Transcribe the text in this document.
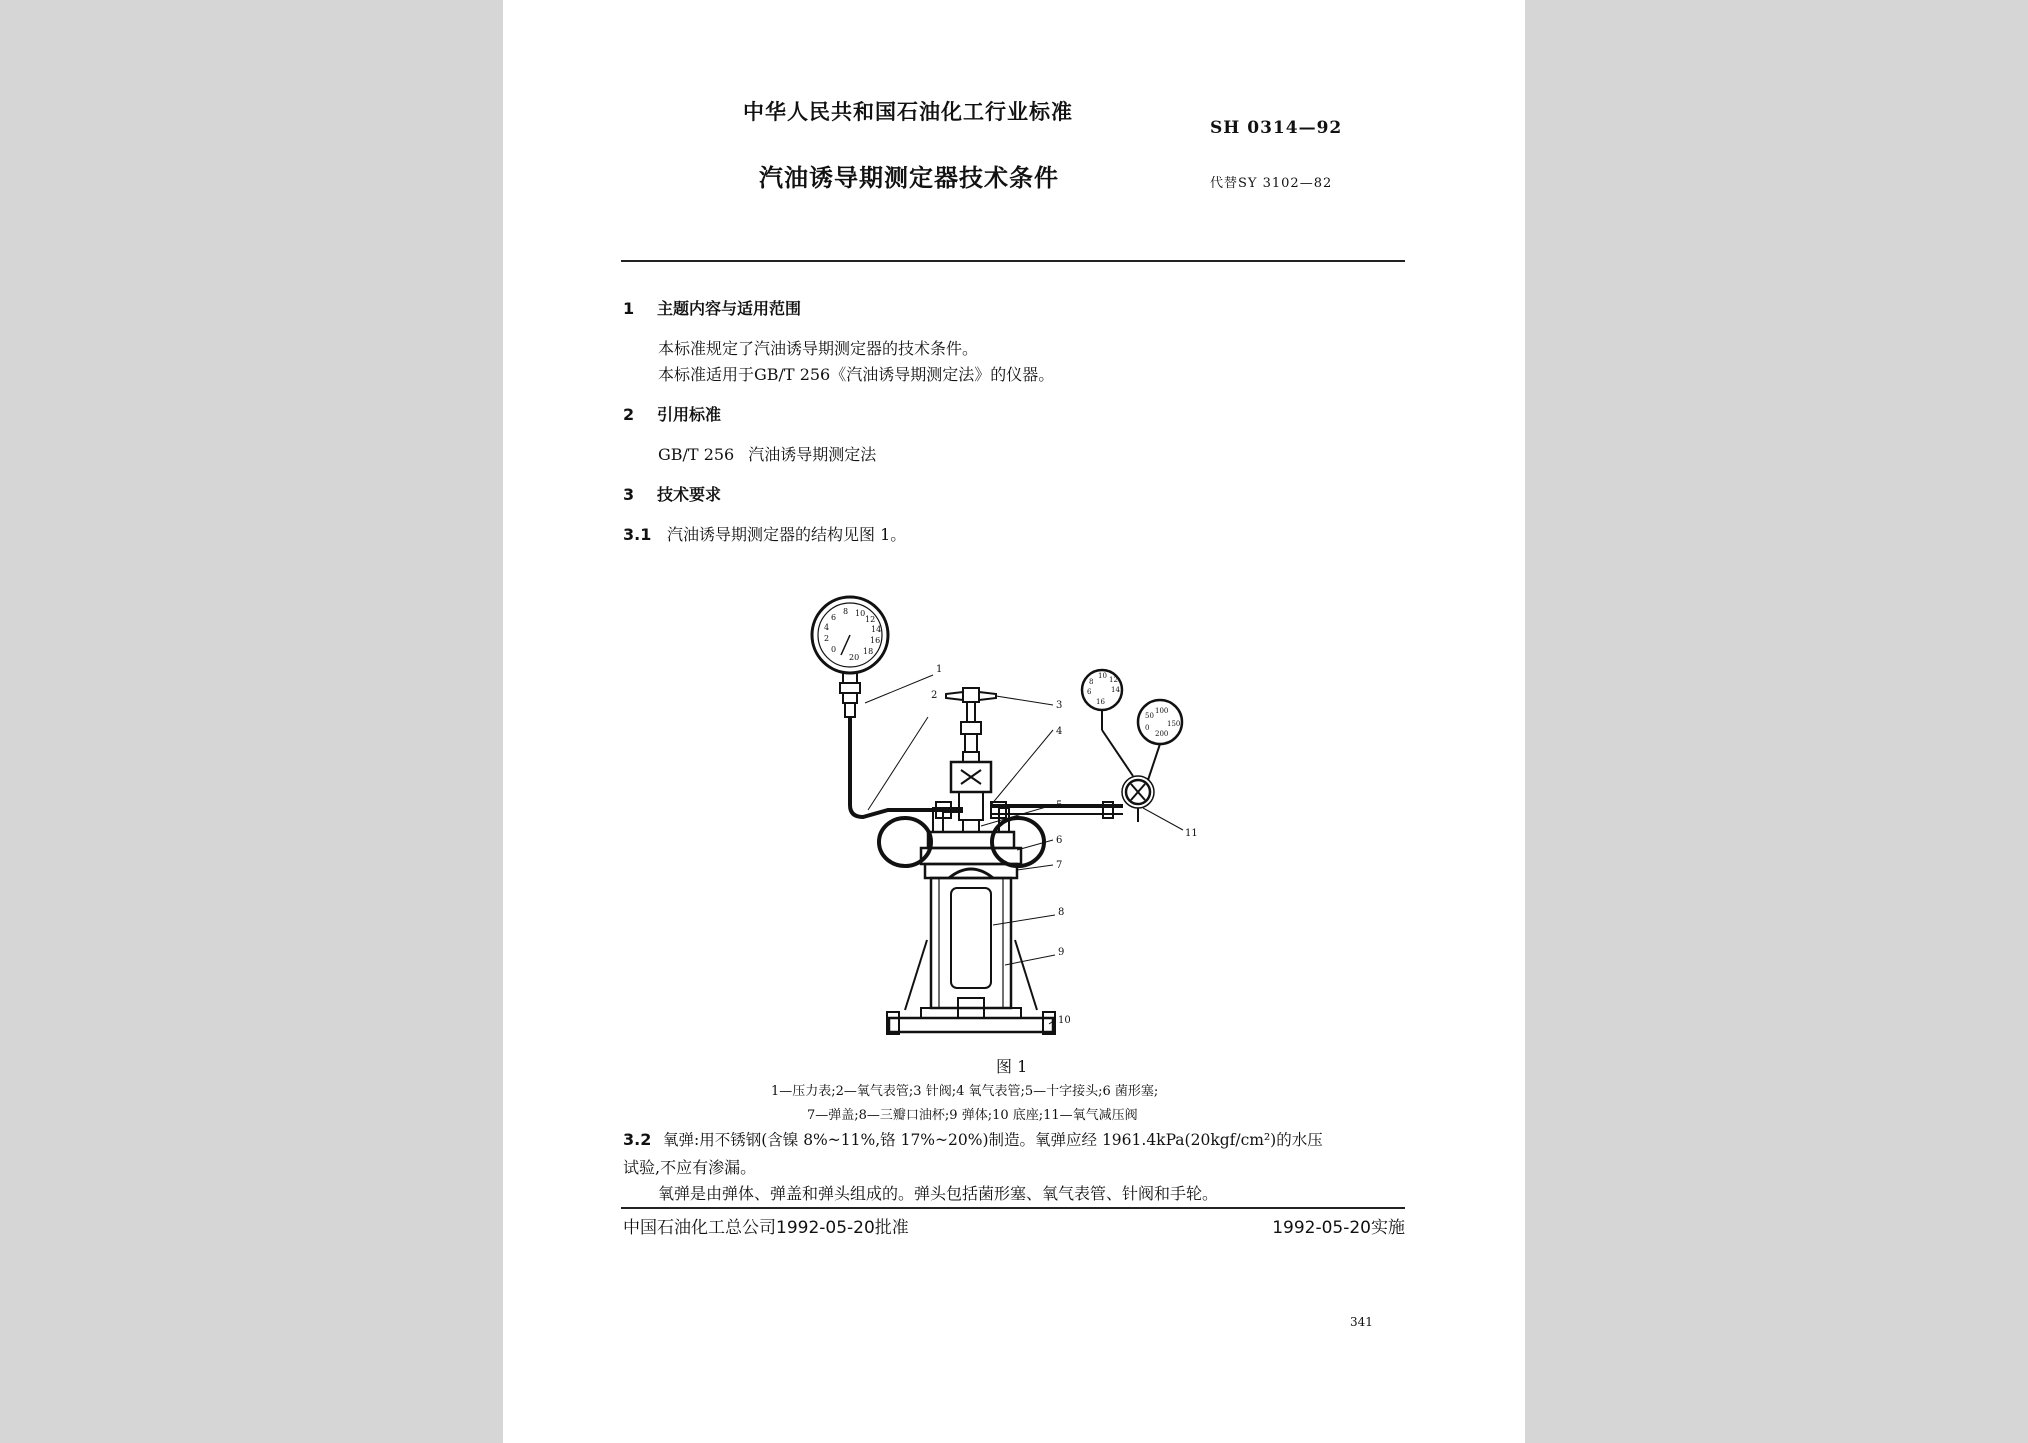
中华人民共和国石油化工行业标准
汽油诱导期测定器技术条件
SH 0314—92
代替SY 3102—82
1 主题内容与适用范围
本标准规定了汽油诱导期测定器的技术条件。
本标准适用于GB/T 256《汽油诱导期测定法》的仪器。
2 引用标准
GB/T 256 汽油诱导期测定法
3 技术要求
3.1 汽油诱导期测定器的结构见图 1。
8 10
12
6
14
4
16
2
18
0
20
10 12
8
14
6
16
50
100
150
200
0
1
2
3
4
5
6
7
8
9
10
11
图 1
1—压力表;2—氧气表管;3 针阀;4 氧气表管;5—十字接头;6 菌形塞;
7—弹盖;8—三瓣口油杯;9 弹体;10 底座;11—氧气减压阀
3.2 氧弹:用不锈钢(含镍 8%~11%,铬 17%~20%)制造。氧弹应经 1961.4kPa(20kgf/cm²)的水压
试验,不应有渗漏。
氧弹是由弹体、弹盖和弹头组成的。弹头包括菌形塞、氧气表管、针阀和手轮。
中国石油化工总公司1992-05-20批准	1992-05-20实施
341
